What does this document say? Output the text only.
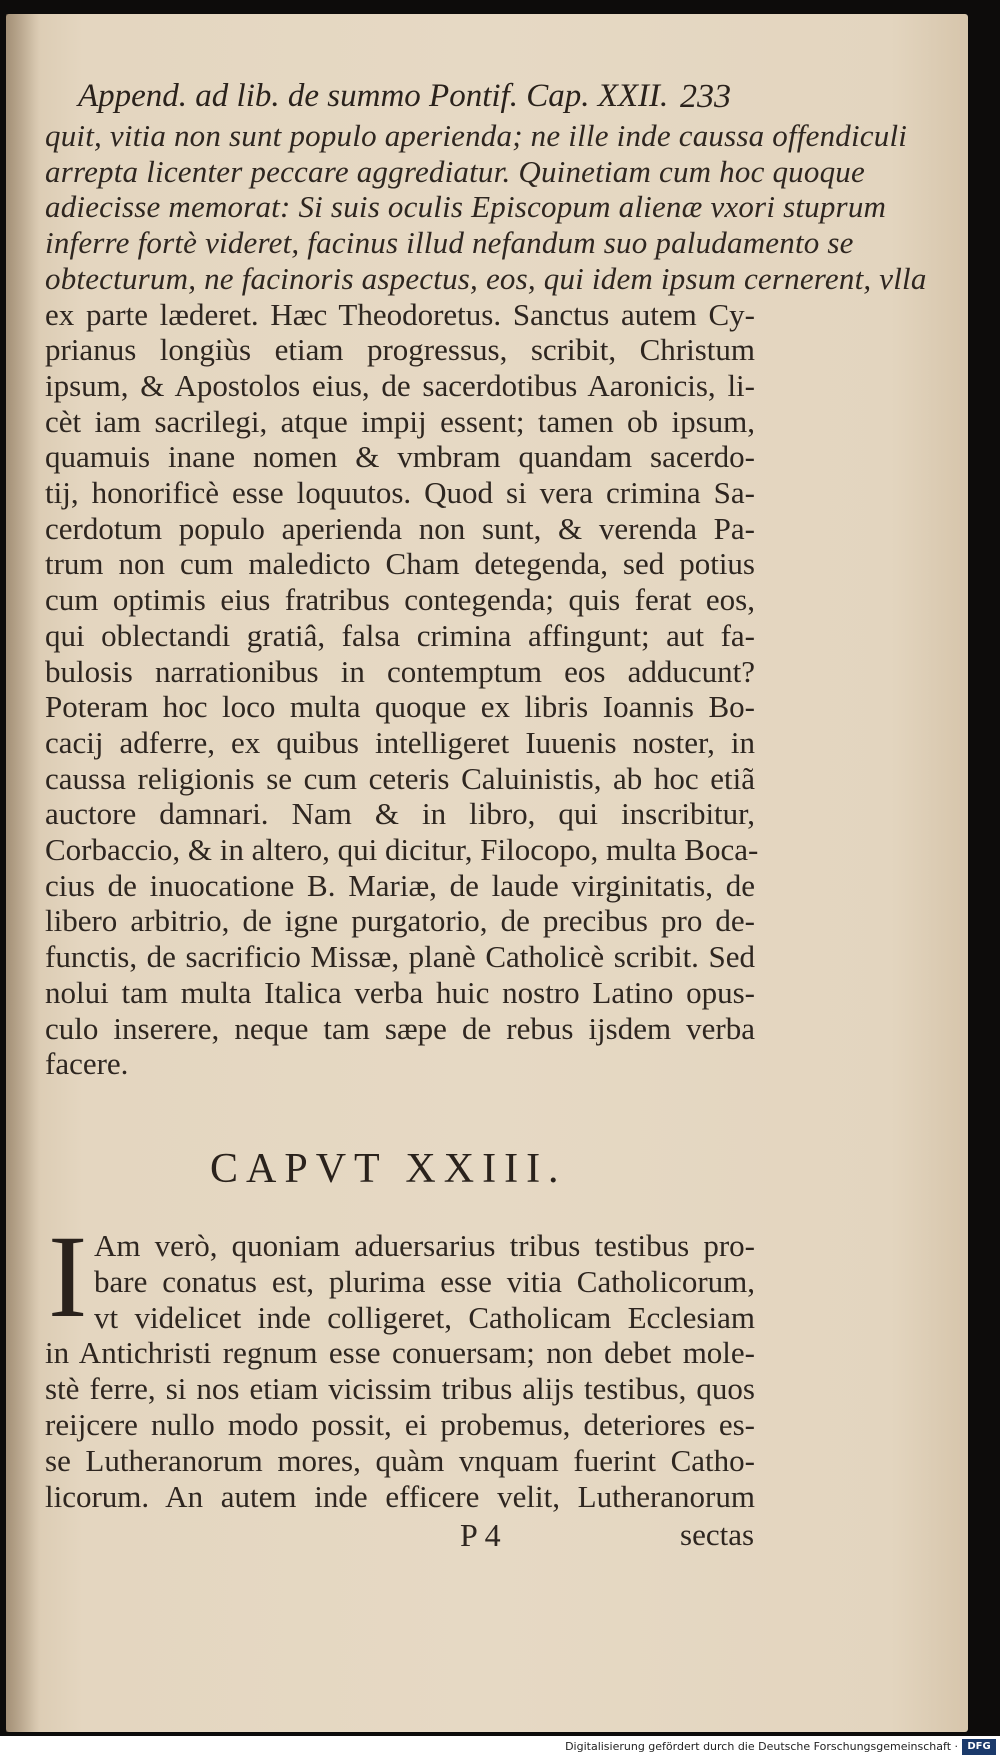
Append. ad lib. de summo Pontif. Cap. XXII. 233
quit, vitia non sunt populo aperienda; ne ille inde caussa offendiculi
arrepta licenter peccare aggrediatur. Quinetiam cum hoc quoque
adiecisse memorat: Si suis oculis Episcopum alienæ vxori stuprum
inferre fortè videret, facinus illud nefandum suo paludamento se
obtecturum, ne facinoris aspectus, eos, qui idem ipsum cernerent, vlla
ex parte læderet. Hæc Theodoretus. Sanctus autem Cy-
prianus longiùs etiam progressus, scribit, Christum
ipsum, & Apostolos eius, de sacerdotibus Aaronicis, li-
cèt iam sacrilegi, atque impij essent; tamen ob ipsum,
quamuis inane nomen & vmbram quandam sacerdo-
tij, honorificè esse loquutos. Quod si vera crimina Sa-
cerdotum populo aperienda non sunt, & verenda Pa-
trum non cum maledicto Cham detegenda, sed potius
cum optimis eius fratribus contegenda; quis ferat eos,
qui oblectandi gratiâ, falsa crimina affingunt; aut fa-
bulosis narrationibus in contemptum eos adducunt?
Poteram hoc loco multa quoque ex libris Ioannis Bo-
cacij adferre, ex quibus intelligeret Iuuenis noster, in
caussa religionis se cum ceteris Caluinistis, ab hoc etiã
auctore damnari. Nam & in libro, qui inscribitur,
Corbaccio, & in altero, qui dicitur, Filocopo, multa Boca-
cius de inuocatione B. Mariæ, de laude virginitatis, de
libero arbitrio, de igne purgatorio, de precibus pro de-
functis, de sacrificio Missæ, planè Catholicè scribit. Sed
nolui tam multa Italica verba huic nostro Latino opus-
culo inserere, neque tam sæpe de rebus ijsdem verba
facere.
CAPVT XXIII.
I Am verò, quoniam aduersarius tribus testibus pro-
bare conatus est, plurima esse vitia Catholicorum,
vt videlicet inde colligeret, Catholicam Ecclesiam
in Antichristi regnum esse conuersam; non debet mole-
stè ferre, si nos etiam vicissim tribus alijs testibus, quos
reijcere nullo modo possit, ei probemus, deteriores es-
se Lutheranorum mores, quàm vnquam fuerint Catho-
licorum. An autem inde efficere velit, Lutheranorum
P 4	sectas
Digitalisierung gefördert durch die Deutsche Forschungsgemeinschaft · DFG
